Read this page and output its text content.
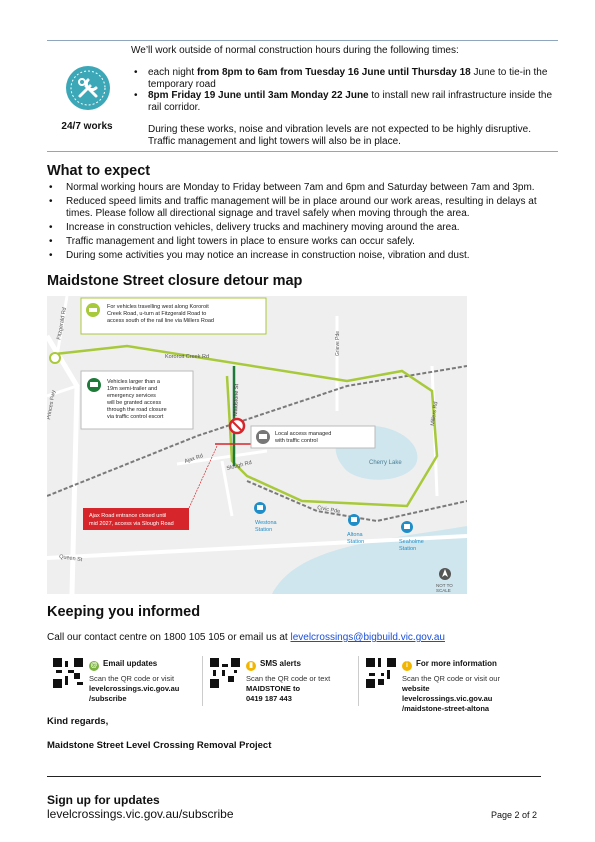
24/7 works
We’ll work outside of normal construction hours during the following times:
• each night from 8pm to 6am from Tuesday 16 June until Thursday 18 June to tie-in the temporary road
• 8pm Friday 19 June until 3am Monday 22 June to install new rail infrastructure inside the rail corridor.
During these works, noise and vibration levels are not expected to be highly disruptive.
Traffic management and light towers will also be in place.
What to expect
• Normal working hours are Monday to Friday between 7am and 6pm and Saturday between 7am and 3pm.
• Reduced speed limits and traffic management will be in place around our work areas, resulting in delays at times. Please follow all directional signage and travel safely when moving through the area.
• Increase in construction vehicles, delivery trucks and machinery moving around the area.
• Traffic management and light towers in place to ensure works can occur safely.
• During some activities you may notice an increase in construction noise, vibration and dust.
Maidstone Street closure detour map
Kororoit Creek Rd
Fitzgerald Rd
Princes Fwy
Grieve Pde
Maidstone St	Millers Rd
Ajax Rd
Slough Rd
Civic Pde
Queen St
Cherry Lake
Westona
Station
Altona
Station	Seaholme
Station
For vehicles travelling west along Kororoit
Creek Road, u-turn at Fitzgerald Road to
access south of the rail line via Millers Road
Vehicles larger than a
19m semi-trailer and
emergency services
will be granted access
through the road closure
via traffic control escort
Local access managed
with traffic control
Ajax Road entrance closed until
mid 2027, access via Slough Road
NOT TO
SCALE
Keeping you informed
Call our contact centre on 1800 105 105 or email us at levelcrossings@bigbuild.vic.gov.au
@ Email updates
Scan the QR code or visit
levelcrossings.vic.gov.au
/subscribe
▮ SMS alerts
Scan the QR code or text
MAIDSTONE to
0419 187 443
i For more information
Scan the QR code or visit our
website levelcrossings.vic.gov.au
/maidstone-street-altona
Kind regards,
Maidstone Street Level Crossing Removal Project
Sign up for updates
levelcrossings.vic.gov.au/subscribe	Page 2 of 2
